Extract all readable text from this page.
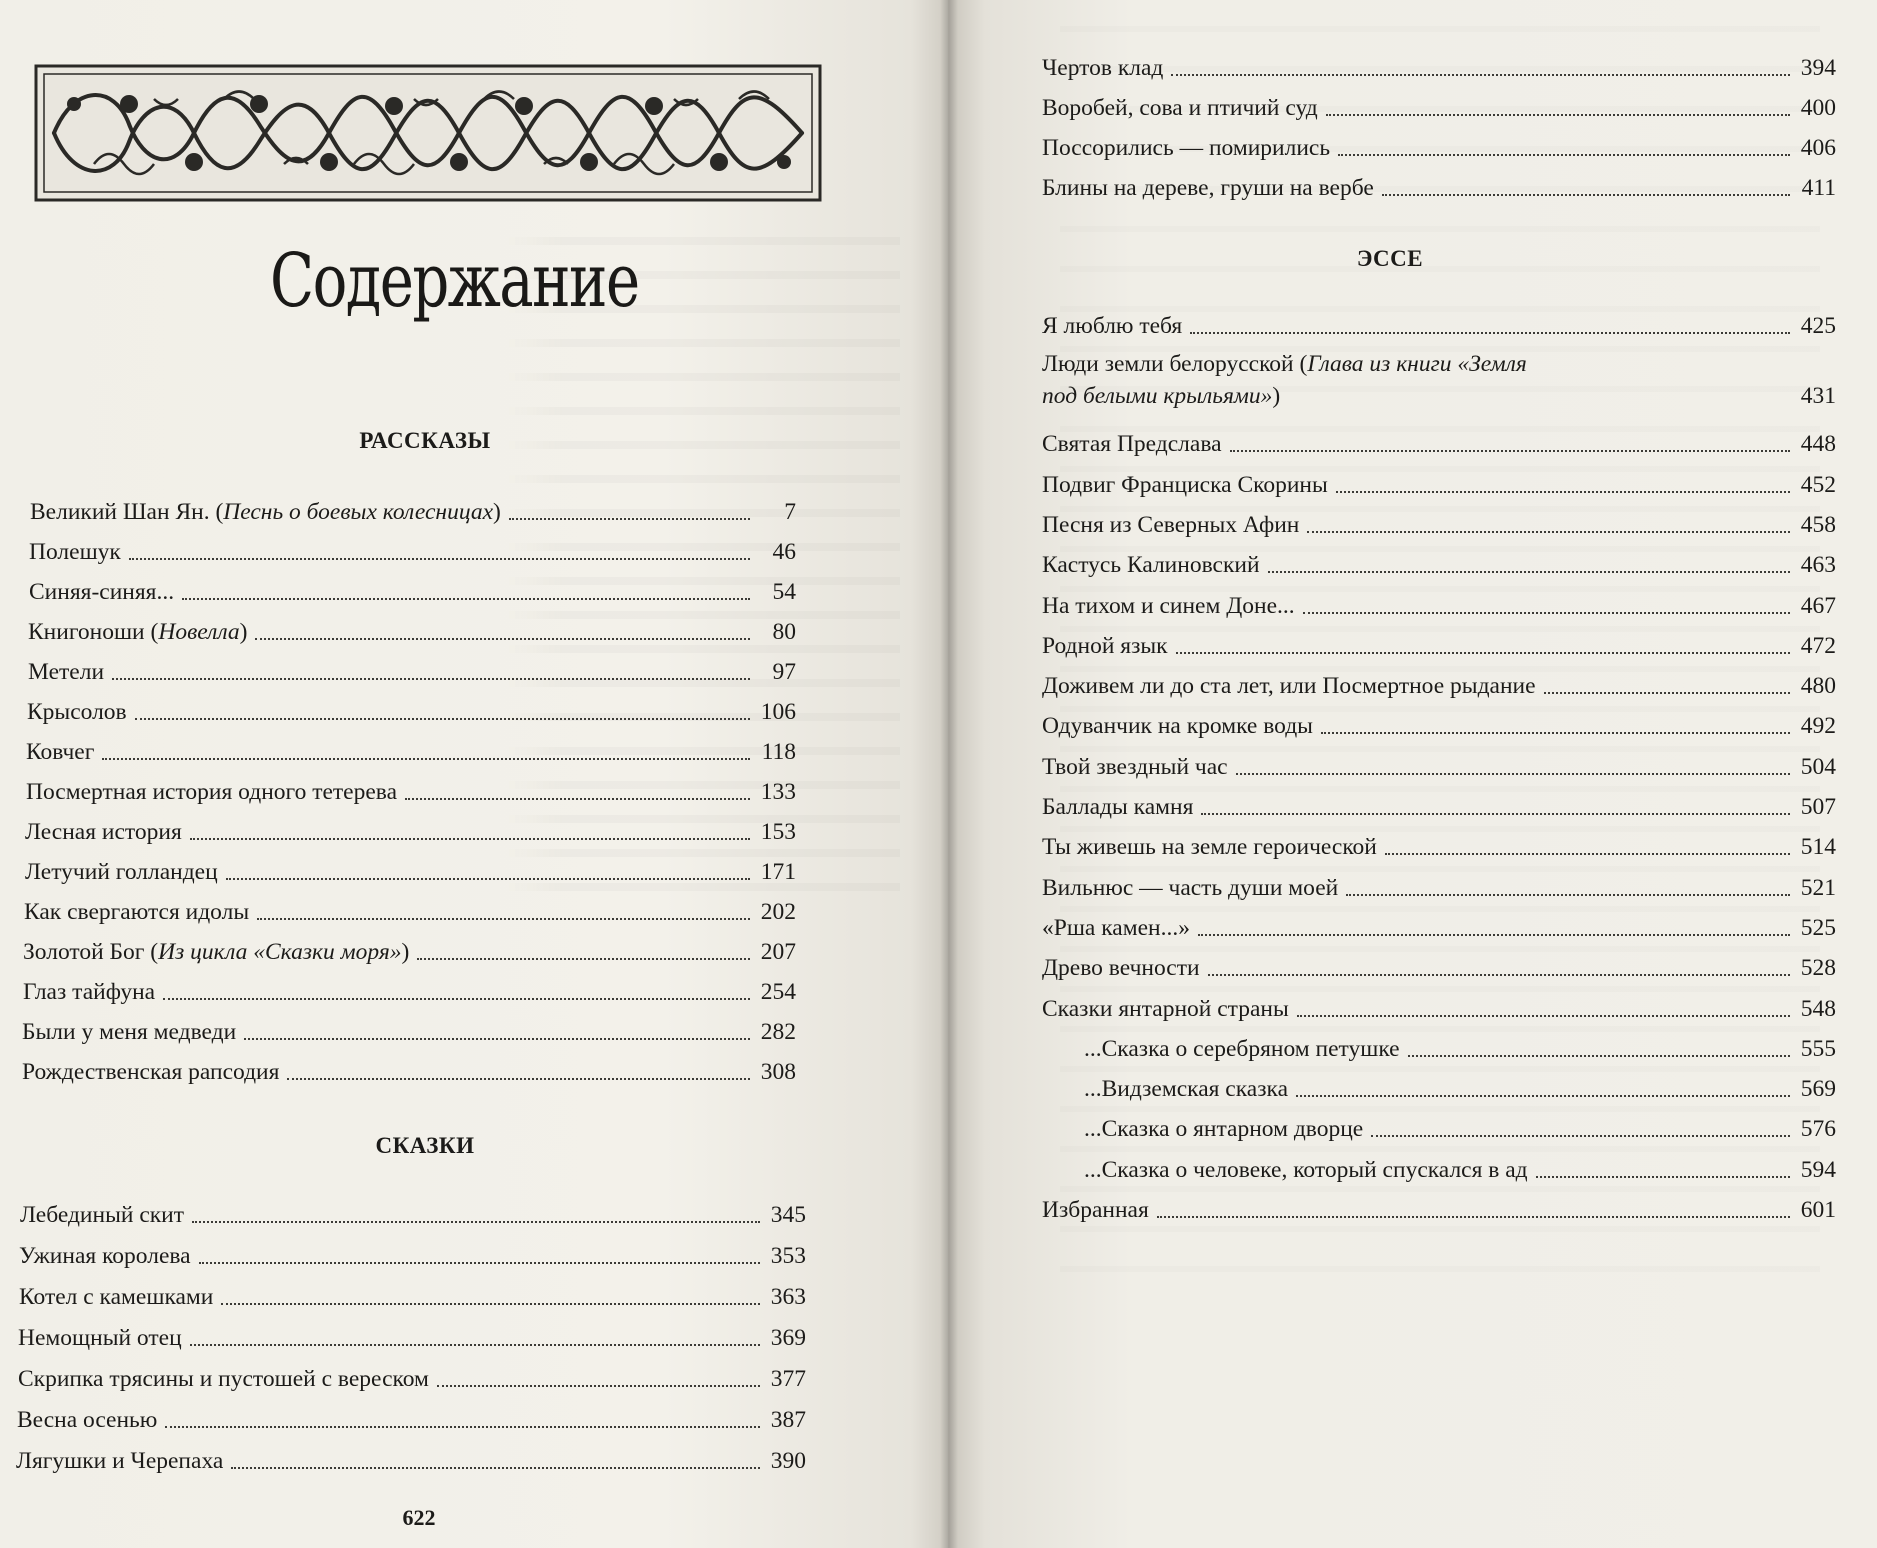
Содержание
РАССКАЗЫ
СКАЗКИ
622
ЭССЕ
Великий Шан Ян. (Песнь о боевых колесницах)	7
Полешук	46
Синяя-синяя...	54
Книгоноши (Новелла)	80
Метели	97
Крысолов	106
Ковчег	118
Посмертная история одного тетерева	133
Лесная история	153
Летучий голландец	171
Как свергаются идолы	202
Золотой Бог (Из цикла «Сказки моря»)	207
Глаз тайфуна	254
Были у меня медведи	282
Рождественская рапсодия	308
Лебединый скит	345
Ужиная королева	353
Котел с камешками	363
Немощный отец	369
Скрипка трясины и пустошей с вереском	377
Весна осенью	387
Лягушки и Черепаха	390
Чертов клад	394
Воробей, сова и птичий суд	400
Поссорились — помирились	406
Блины на дереве, груши на вербе	411
Я люблю тебя	425
Люди земли белорусской (Глава из книги «Земля
под белыми крыльями»)	431
Святая Предслава	448
Подвиг Франциска Скорины	452
Песня из Северных Афин	458
Кастусь Калиновский	463
На тихом и синем Доне...	467
Родной язык	472
Доживем ли до ста лет, или Посмертное рыдание	480
Одуванчик на кромке воды	492
Твой звездный час	504
Баллады камня	507
Ты живешь на земле героической	514
Вильнюс — часть души моей	521
«Рша камен...»	525
Древо вечности	528
Сказки янтарной страны	548
...Сказка о серебряном петушке	555
...Видземская сказка	569
...Сказка о янтарном дворце	576
...Сказка о человеке, который спускался в ад	594
Избранная	601
